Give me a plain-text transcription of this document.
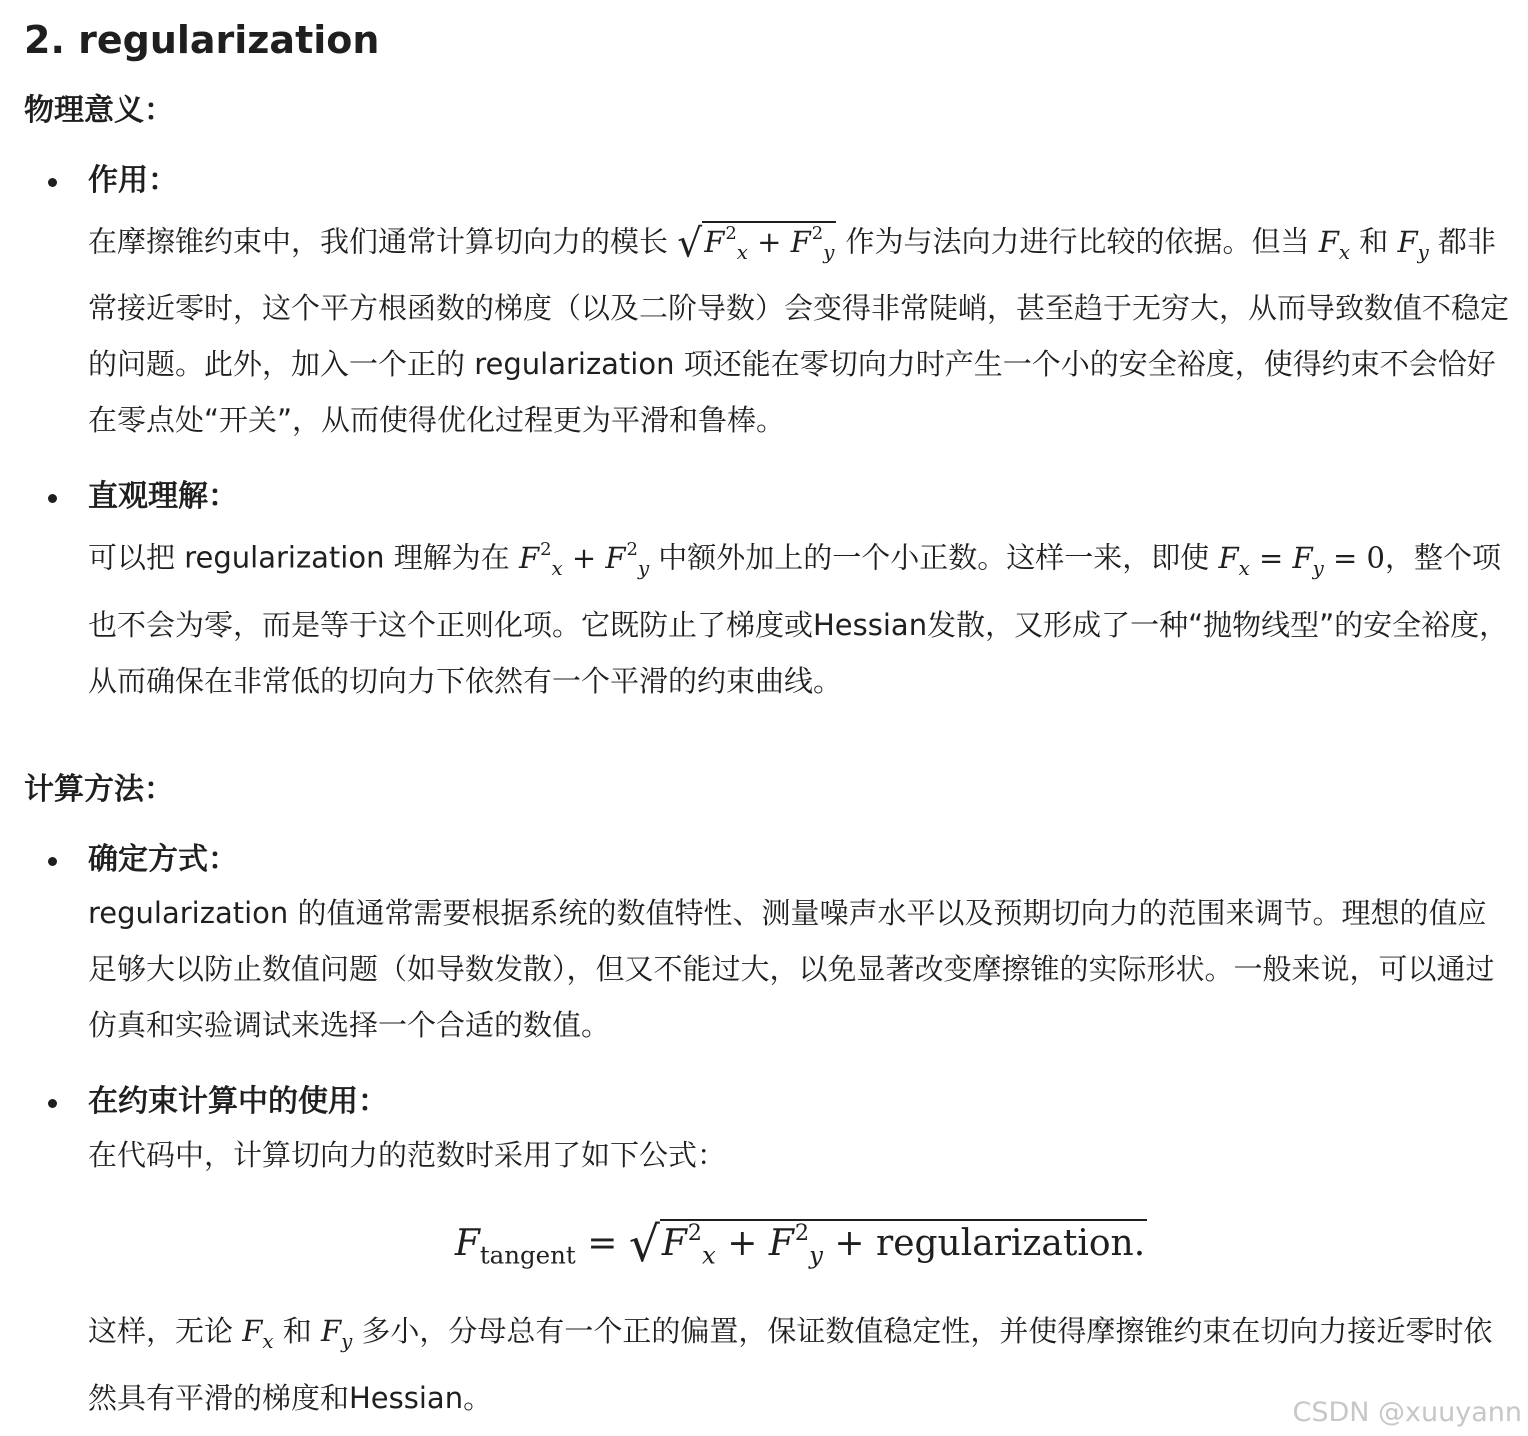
2. regularization
物理意义：
作用：
在摩擦锥约束中，我们通常计算切向力的模长 $√F^2_x + F^2_y$ 作为与法向力进行比较的依据。但当 $F_x$ 和 $F_y$ 都非常接近零时，这个平方根函数的梯度（以及二阶导数）会变得非常陡峭，甚至趋于无穷大，从而导致数值不稳定的问题。此外，加入一个正的 regularization 项还能在零切向力时产生一个小的安全裕度，使得约束不会恰好在零点处“开关”，从而使得优化过程更为平滑和鲁棒。
直观理解：
可以把 regularization 理解为在 $F^2_x + F^2_y$ 中额外加上的一个小正数。这样一来，即使 $F_x = F_y = 0$，整个项也不会为零，而是等于这个正则化项。它既防止了梯度或Hessian发散，又形成了一种“抛物线型”的安全裕度，从而确保在非常低的切向力下依然有一个平滑的约束曲线。
计算方法：
确定方式：
regularization 的值通常需要根据系统的数值特性、测量噪声水平以及预期切向力的范围来调节。理想的值应足够大以防止数值问题（如导数发散），但又不能过大，以免显著改变摩擦锥的实际形状。一般来说，可以通过仿真和实验调试来选择一个合适的数值。
在约束计算中的使用：
在代码中，计算切向力的范数时采用了如下公式：
$F_{tangent} = √F^2_x + F^2_y$ + regularization.
这样，无论 $F_x$ 和 $F_y$ 多小，分母总有一个正的偏置，保证数值稳定性，并使得摩擦锥约束在切向力接近零时依然具有平滑的梯度和Hessian。	CSDN @xuuyann
